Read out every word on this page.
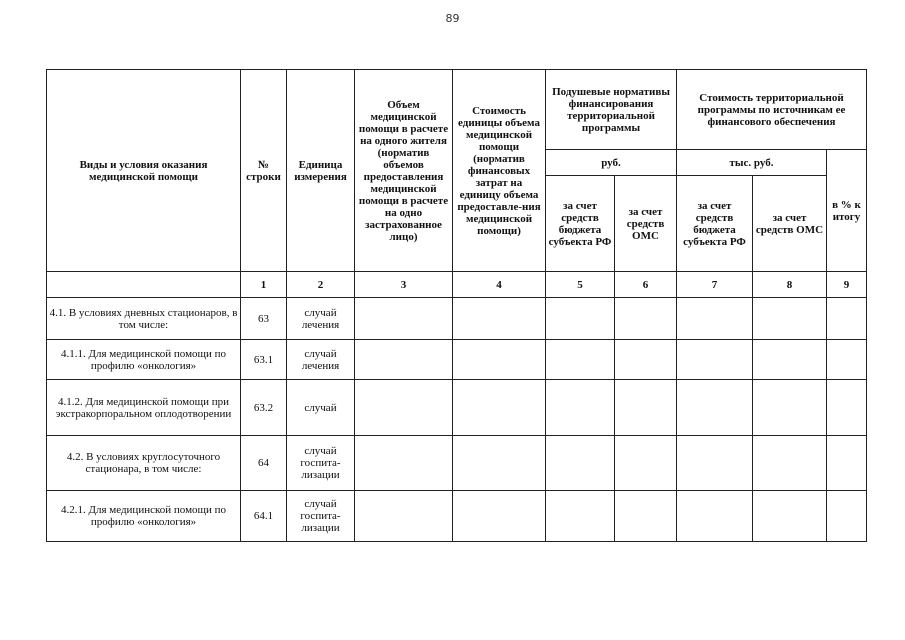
89
Виды и условия оказания медицинской помощи	№ строки	Единица измерения	Объем медицинской помощи в расчете на одного жителя (норматив объемов предоставления медицинской помощи в расчете на одно застрахованное лицо)	Стоимость единицы объема медицинской помощи (норматив финансовых затрат на единицу объема предоставле-ния медицинской помощи)	Подушевые нормативы финансирования территориальной программы		Стоимость территориальной программы по источникам ее финансового обеспечения		
					руб.		тыс. руб.		в % к итогу
					за счет средств бюджета субъекта РФ	за счет средств ОМС	за счет средств бюджета субъекта РФ	за счет средств ОМС	
	1	2	3	4	5	6	7	8	9
4.1. В условиях дневных стационаров, в том числе:	63	случай лечения							
4.1.1. Для медицинской помощи по профилю «онкология»	63.1	случай лечения							
4.1.2. Для медицинской помощи при экстракорпоральном оплодотворении	63.2	случай							
4.2. В условиях круглосуточного стационара, в том числе:	64	случай госпита-лизации							
4.2.1. Для медицинской помощи по профилю «онкология»	64.1	случай госпита-лизации							
